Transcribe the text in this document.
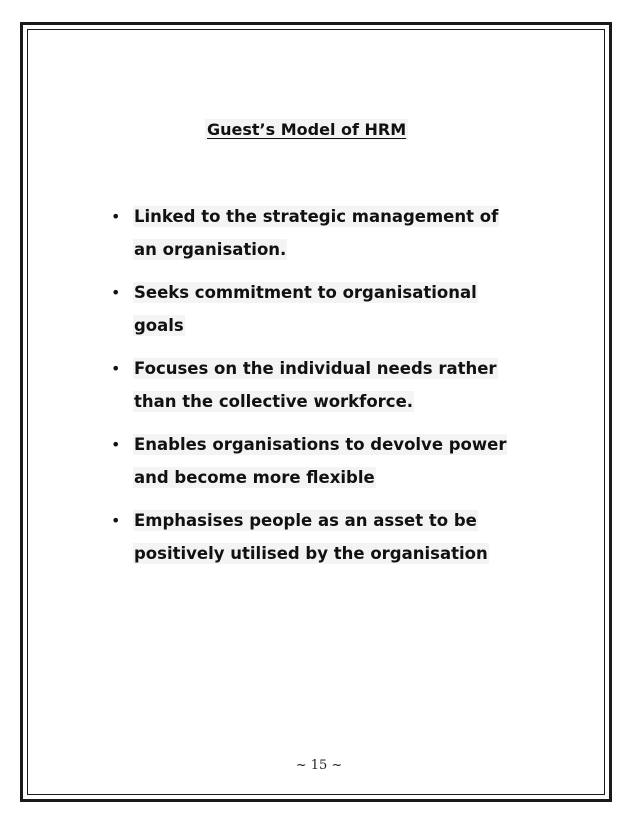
Guest’s Model of HRM
• Linked to the strategic management of
an organisation.
• Seeks commitment to organisational
goals
• Focuses on the individual needs rather
than the collective workforce.
• Enables organisations to devolve power
and become more flexible
• Emphasises people as an asset to be
positively utilised by the organisation
~ 15 ~
